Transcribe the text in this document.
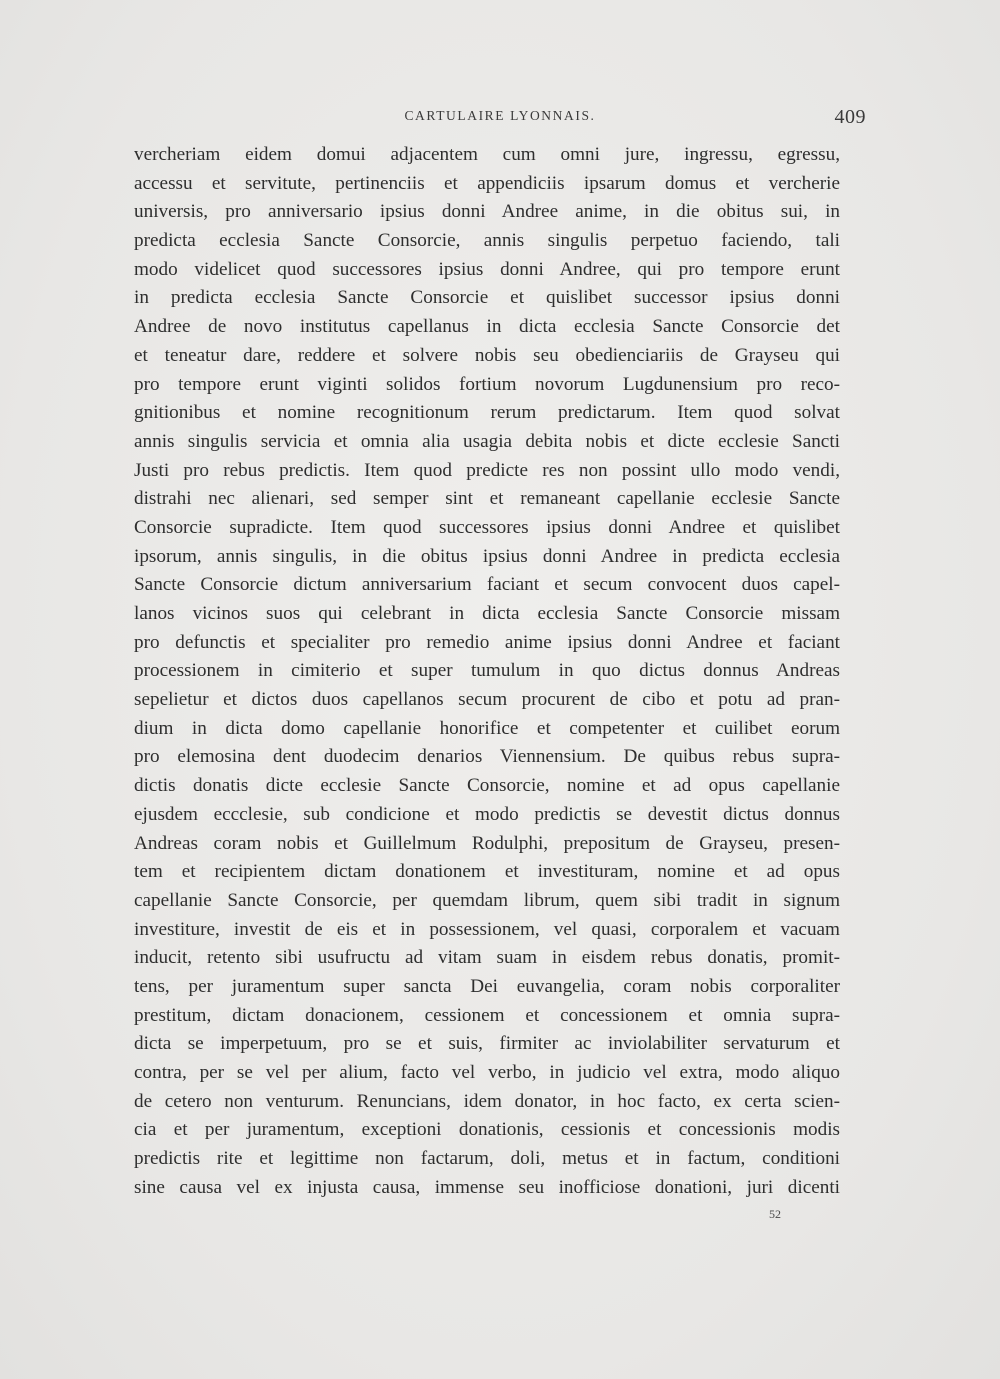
CARTULAIRE LYONNAIS.	409
vercheriam eidem domui adjacentem cum omni jure, ingressu, egressu,
accessu et servitute, pertinenciis et appendiciis ipsarum domus et vercherie
universis, pro anniversario ipsius donni Andree anime, in die obitus sui, in
predicta ecclesia Sancte Consorcie, annis singulis perpetuo faciendo, tali
modo videlicet quod successores ipsius donni Andree, qui pro tempore erunt
in predicta ecclesia Sancte Consorcie et quislibet successor ipsius donni
Andree de novo institutus capellanus in dicta ecclesia Sancte Consorcie det
et teneatur dare, reddere et solvere nobis seu obedienciariis de Grayseu qui
pro tempore erunt viginti solidos fortium novorum Lugdunensium pro reco-
gnitionibus et nomine recognitionum rerum predictarum. Item quod solvat
annis singulis servicia et omnia alia usagia debita nobis et dicte ecclesie Sancti
Justi pro rebus predictis. Item quod predicte res non possint ullo modo vendi,
distrahi nec alienari, sed semper sint et remaneant capellanie ecclesie Sancte
Consorcie supradicte. Item quod successores ipsius donni Andree et quislibet
ipsorum, annis singulis, in die obitus ipsius donni Andree in predicta ecclesia
Sancte Consorcie dictum anniversarium faciant et secum convocent duos capel-
lanos vicinos suos qui celebrant in dicta ecclesia Sancte Consorcie missam
pro defunctis et specialiter pro remedio anime ipsius donni Andree et faciant
processionem in cimiterio et super tumulum in quo dictus donnus Andreas
sepelietur et dictos duos capellanos secum procurent de cibo et potu ad pran-
dium in dicta domo capellanie honorifice et competenter et cuilibet eorum
pro elemosina dent duodecim denarios Viennensium. De quibus rebus supra-
dictis donatis dicte ecclesie Sancte Consorcie, nomine et ad opus capellanie
ejusdem eccclesie, sub condicione et modo predictis se devestit dictus donnus
Andreas coram nobis et Guillelmum Rodulphi, prepositum de Grayseu, presen-
tem et recipientem dictam donationem et investituram, nomine et ad opus
capellanie Sancte Consorcie, per quemdam librum, quem sibi tradit in signum
investiture, investit de eis et in possessionem, vel quasi, corporalem et vacuam
inducit, retento sibi usufructu ad vitam suam in eisdem rebus donatis, promit-
tens, per juramentum super sancta Dei euvangelia, coram nobis corporaliter
prestitum, dictam donacionem, cessionem et concessionem et omnia supra-
dicta se imperpetuum, pro se et suis, firmiter ac inviolabiliter servaturum et
contra, per se vel per alium, facto vel verbo, in judicio vel extra, modo aliquo
de cetero non venturum. Renuncians, idem donator, in hoc facto, ex certa scien-
cia et per juramentum, exceptioni donationis, cessionis et concessionis modis
predictis rite et legittime non factarum, doli, metus et in factum, conditioni
sine causa vel ex injusta causa, immense seu inofficiose donationi, juri dicenti
52
